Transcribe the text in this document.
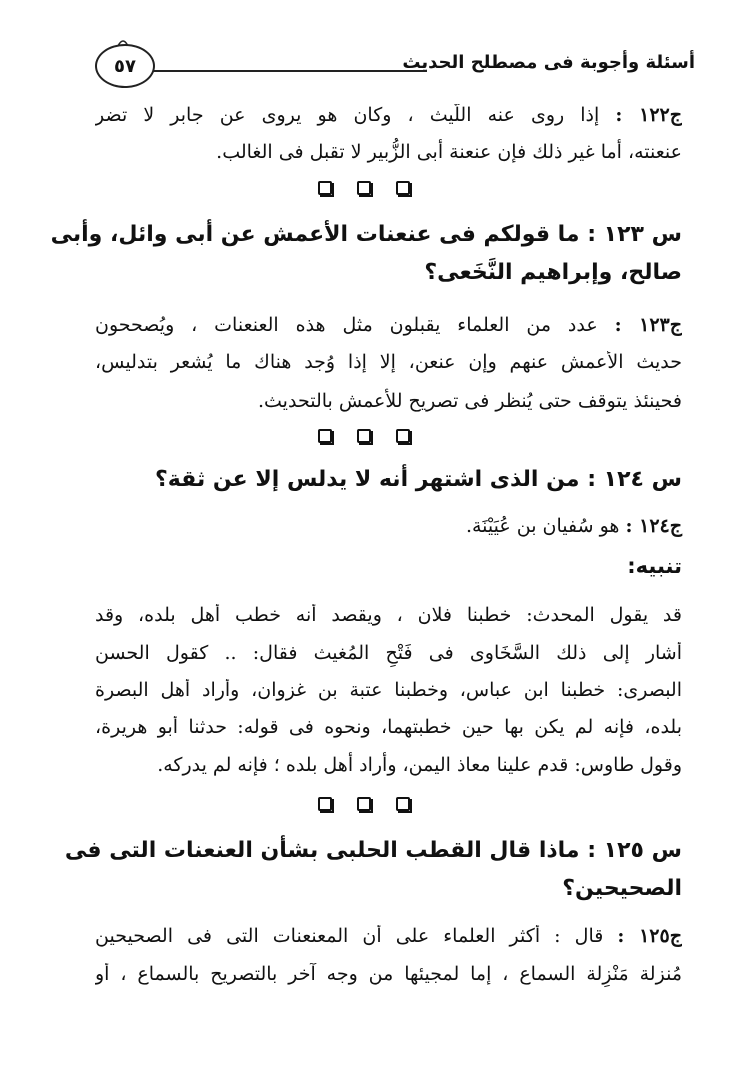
أسئلة وأجوبة فى مصطلح الحديث
٥٧
ج١٢٢ : إذا روى عنه اللَّيث ، وكان هو يروى عن جابر لا تضر
عنعنته، أما غير ذلك فإن عنعنة أبى الزُّبير لا تقبل فى الغالب.
س ١٢٣ : ما قولكم فى عنعنات الأعمش عن أبى وائل، وأبى
صالح، وإبراهيم النَّخَعى؟
ج١٢٣ : عدد من العلماء يقبلون مثل هذه العنعنات ، ويُصححون
حديث الأعمش عنهم وإن عنعن، إلا إذا وُجد هناك ما يُشعر بتدليس،
فحينئذ يتوقف حتى يُنظر فى تصريح للأعمش بالتحديث.
س ١٢٤ : من الذى اشتهر أنه لا يدلس إلا عن ثقة؟
ج١٢٤ : هو سُفيان بن عُيَيْنَة.
تنبيه:
قد يقول المحدث: خطبنا فلان ، ويقصد أنه خطب أهل بلده، وقد
أشار إلى ذلك السَّخَاوى فى فَتْحِ المُغيث فقال: .. كقول الحسن
البصرى: خطبنا ابن عباس، وخطبنا عتبة بن غزوان، وأراد أهل البصرة
بلده، فإنه لم يكن بها حين خطبتهما، ونحوه فى قوله: حدثنا أبو هريرة،
وقول طاوس: قدم علينا معاذ اليمن، وأراد أهل بلده ؛ فإنه لم يدركه.
س ١٢٥ : ماذا قال القطب الحلبى بشأن العنعنات التى فى
الصحيحين؟
ج١٢٥ : قال : أكثر العلماء على أن المعنعنات التى فى الصحيحين
مُنزلة مَنْزِلة السماع ، إما لمجيئها من وجه آخر بالتصريح بالسماع ، أو
